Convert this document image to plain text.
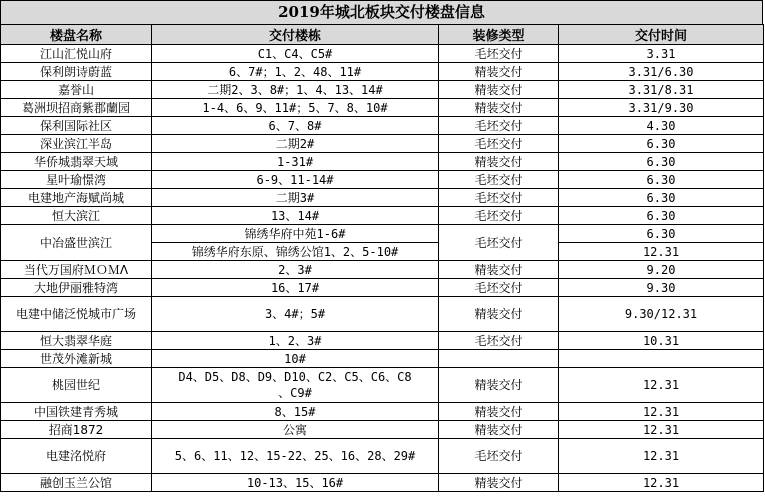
2019年城北板块交付楼盘信息
楼盘名称	交付楼栋	装修类型	交付时间
江山汇悦山府	C1、C4、C5#	毛坯交付	3.31
保利朗诗蔚蓝	6、7#；1、2、48、11#	精装交付	3.31/6.30
嘉誉山	二期2、3、8#；1、4、13、14#	精装交付	3.31/8.31
葛洲坝招商紫郡蘭园	1-4、6、9、11#；5、7、8、10#	精装交付	3.31/9.30
保利国际社区	6、7、8#	毛坯交付	4.30
深业滨江半岛	二期2#	毛坯交付	6.30
华侨城翡翠天域	1-31#	精装交付	6.30
星叶瑜憬湾	6-9、11-14#	毛坯交付	6.30
电建地产海赋尚城	二期3#	毛坯交付	6.30
恒大滨江	13、14#	毛坯交付	6.30
中冶盛世滨江	锦绣华府中苑1-6#	毛坯交付	6.30
	锦绣华府东原、锦绣公馆1、2、5-10#		12.31
当代万国府ＭＯＭΛ	2、3#	精装交付	9.20
大地伊丽雅特湾	16、17#	毛坯交付	9.30
电建中储泛悦城市广场	3、4#；5#	精装交付	9.30/12.31
恒大翡翠华庭	1、2、3#	毛坯交付	10.31
世茂外滩新城	10#		
桃园世纪	D4、D5、D8、D9、D10、C2、C5、C6、C8
、C9#	精装交付	12.31
中国铁建青秀城	8、15#	精装交付	12.31
招商1872	公寓	精装交付	12.31
电建洺悦府	5、6、11、12、15-22、25、16、28、29#	毛坯交付	12.31
融创玉兰公馆	10-13、15、16#	精装交付	12.31
